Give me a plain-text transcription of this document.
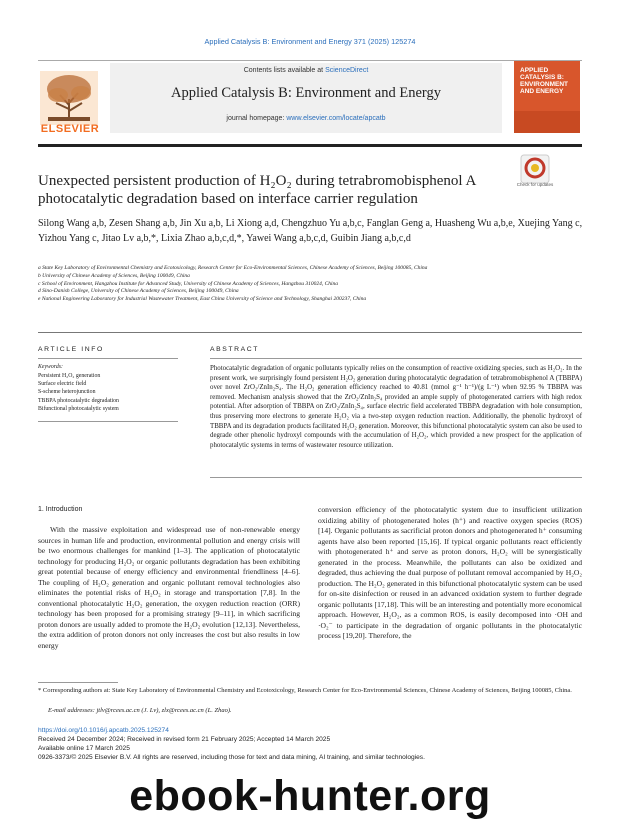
Applied Catalysis B: Environment and Energy 371 (2025) 125274
ELSEVIER
Contents lists available at ScienceDirect
Applied Catalysis B: Environment and Energy
journal homepage: www.elsevier.com/locate/apcatb
APPLIED CATALYSIS B: ENVIRONMENT AND ENERGY
Unexpected persistent production of H₂O₂ during tetrabromobisphenol A photocatalytic degradation based on interface carrier regulation
Check for updates
Silong Wang a,b, Zesen Shang a,b, Jin Xu a,b, Li Xiong a,d, Chengzhuo Yu a,b,c, Fanglan Geng a, Huasheng Wu a,b,e, Xuejing Yang c, Yizhou Yang c, Jitao Lv a,b,*, Lixia Zhao a,b,c,d,*, Yawei Wang a,b,c,d, Guibin Jiang a,b,c,d
a State Key Laboratory of Environmental Chemistry and Ecotoxicology, Research Center for Eco-Environmental Sciences, Chinese Academy of Sciences, Beijing 100085, China
b University of Chinese Academy of Sciences, Beijing 100049, China
c School of Environment, Hangzhou Institute for Advanced Study, University of Chinese Academy of Sciences, Hangzhou 310024, China
d Sino-Danish College, University of Chinese Academy of Sciences, Beijing 100049, China
e National Engineering Laboratory for Industrial Wastewater Treatment, East China University of Science and Technology, Shanghai 200237, China
ARTICLE INFO	ABSTRACT
Keywords:
Persistent H₂O₂ generation
Surface electric field
S-scheme heterojunction
TBBPA photocatalytic degradation
Bifunctional photocatalytic system
Photocatalytic degradation of organic pollutants typically relies on the consumption of reactive oxidizing species, such as H₂O₂. In the present work, we surprisingly found persistent H₂O₂ generation during photocatalytic degradation of tetrabromobisphenol A (TBBPA) over novel ZrO₂/ZnIn₂S₄. The H₂O₂ generation efficiency reached to 40.81 (mmol g⁻¹ h⁻¹)/(g L⁻¹) when 92.95 % TBBPA was removed. Mechanism analysis showed that the ZrO₂/ZnIn₂S₄ provided an ample supply of photogenerated carriers with high redox potential. After adsorption of TBBPA on ZrO₂/ZnIn₂S₄, surface electric field accelerated TBBPA degradation with hole consumption, thus preserving more electrons to generate H₂O₂ via a two-step oxygen reduction reaction. Additionally, the phenolic hydroxyl of TBBPA and its degradation products facilitated H₂O₂ generation. Moreover, this bifunctional photocatalytic system can also be used to degrade other phenolic hydroxyl compounds with the accumulation of H₂O₂, which provided a new prospect for the application of photocatalytic systems in terms of wastewater resource utilization.
1. Introduction

With the massive exploitation and widespread use of non-renewable energy sources in human life and production, environmental pollution and energy crisis will be two enormous challenges for mankind [1–3]. The application of photocatalytic technology for producing H₂O₂ or organic pollutants degradation has been exhibiting great potential because of energy efficiency and environmental friendliness [4–6]. The coupling of H₂O₂ generation and organic pollutant removal technologies also eliminates the potential risks of H₂O₂ in storage and transportation [7,8]. In the conventional photocatalytic H₂O₂ generation, the oxygen reduction reaction (ORR) technology has been proposed for a promising strategy [9–11], in which sacrificing proton donors are usually added to promote the H₂O₂ evolution [12,13]. Nevertheless, the extra addition of proton donors not only increases the cost but also results in low energy

conversion efficiency of the photocatalytic system due to insufficient utilization oxidizing ability of photogenerated holes (h⁺) and reactive oxygen species (ROS) [14]. Organic pollutants as sacrificial proton donors and photogenerated h⁺ consuming agents have also been reported [15,16]. If typical organic pollutants react efficiently with photogenerated h⁺ and serve as proton donors, H₂O₂ will be synergistically generated in the process. Meanwhile, the pollutants can also be oxidized and degraded, thus achieving the dual purpose of pollutant removal accompanied by H₂O₂ production. The H₂O₂ generated in this bifunctional photocatalytic system can be used for on-site disinfection or reused in an advanced oxidation system to further degrade organic pollutants [17,18]. This will be an interesting and potentially more economical approach. However, H₂O₂, as a common ROS, is easily decomposed into ·OH and ·O₂⁻ to participate in the degradation of organic pollutants in the photocatalytic process [19,20]. Therefore, the
* Corresponding authors at: State Key Laboratory of Environmental Chemistry and Ecotoxicology, Research Center for Eco-Environmental Sciences, Chinese Academy of Sciences, Beijing 100085, China.
E-mail addresses: jtlv@rcees.ac.cn (J. Lv), zlx@rcees.ac.cn (L. Zhao).
https://doi.org/10.1016/j.apcatb.2025.125274
Received 24 December 2024; Received in revised form 21 February 2025; Accepted 14 March 2025
Available online 17 March 2025
0926-3373/© 2025 Elsevier B.V. All rights are reserved, including those for text and data mining, AI training, and similar technologies.
ebook-hunter.org
